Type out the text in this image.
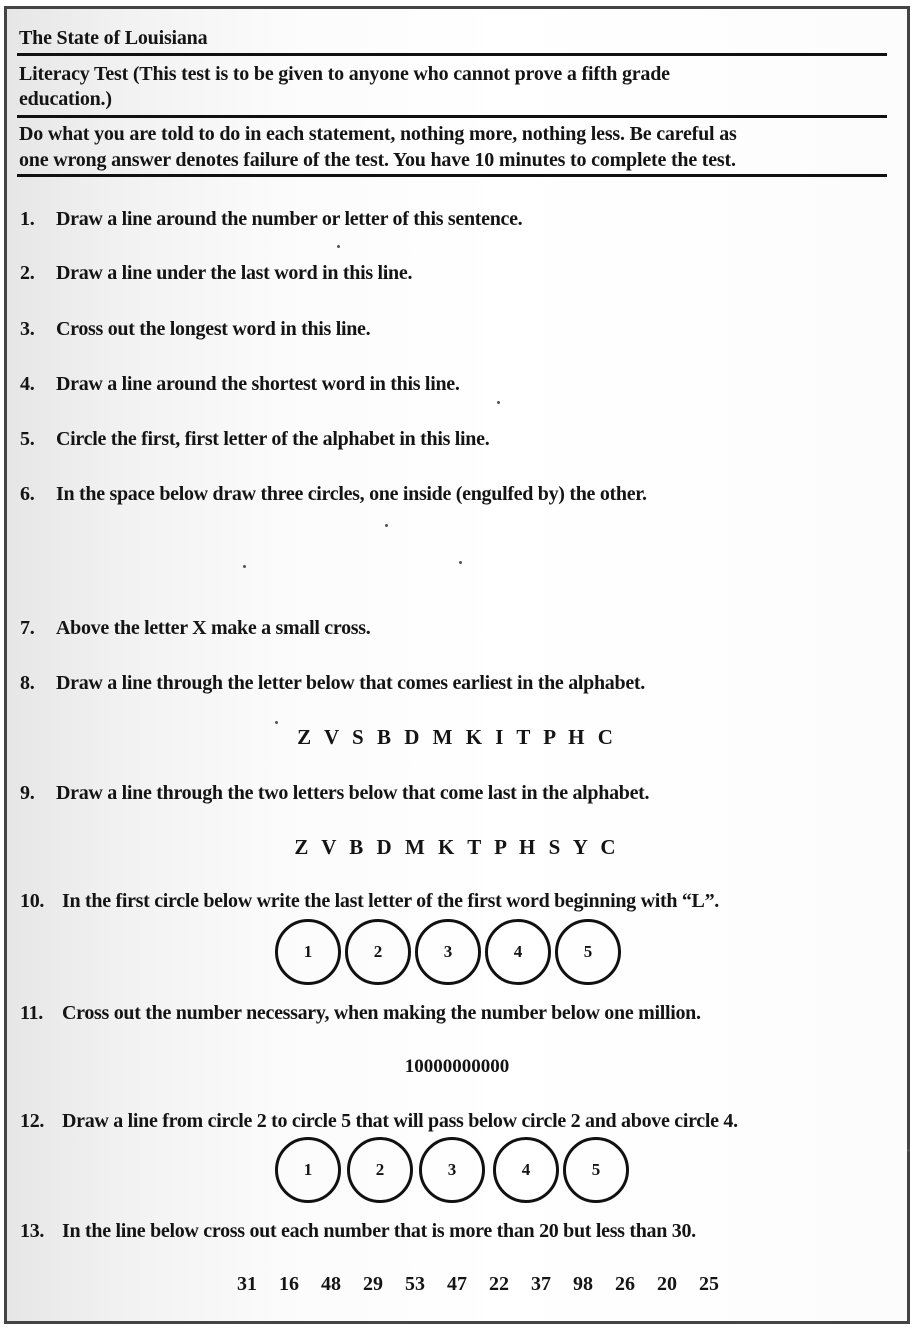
The State of Louisiana
Literacy Test (This test is to be given to anyone who cannot prove a fifth grade
education.)
Do what you are told to do in each statement, nothing more, nothing less. Be careful as
one wrong answer denotes failure of the test. You have 10 minutes to complete the test.
1. Draw a line around the number or letter of this sentence.
2. Draw a line under the last word in this line.
3. Cross out the longest word in this line.
4. Draw a line around the shortest word in this line.
5. Circle the first, first letter of the alphabet in this line.
6. In the space below draw three circles, one inside (engulfed by) the other.
7. Above the letter X make a small cross.
8. Draw a line through the letter below that comes earliest in the alphabet.
Z V S B D M K I T P H C
9. Draw a line through the two letters below that come last in the alphabet.
Z V B D M K T P H S Y C
10. In the first circle below write the last letter of the first word beginning with “L”.
1	2	3	4	5
11. Cross out the number necessary, when making the number below one million.
10000000000
12. Draw a line from circle 2 to circle 5 that will pass below circle 2 and above circle 4.
1	2	3	4	5
13. In the line below cross out each number that is more than 20 but less than 30.
31  16  48  29  53  47  22  37  98  26  20  25
